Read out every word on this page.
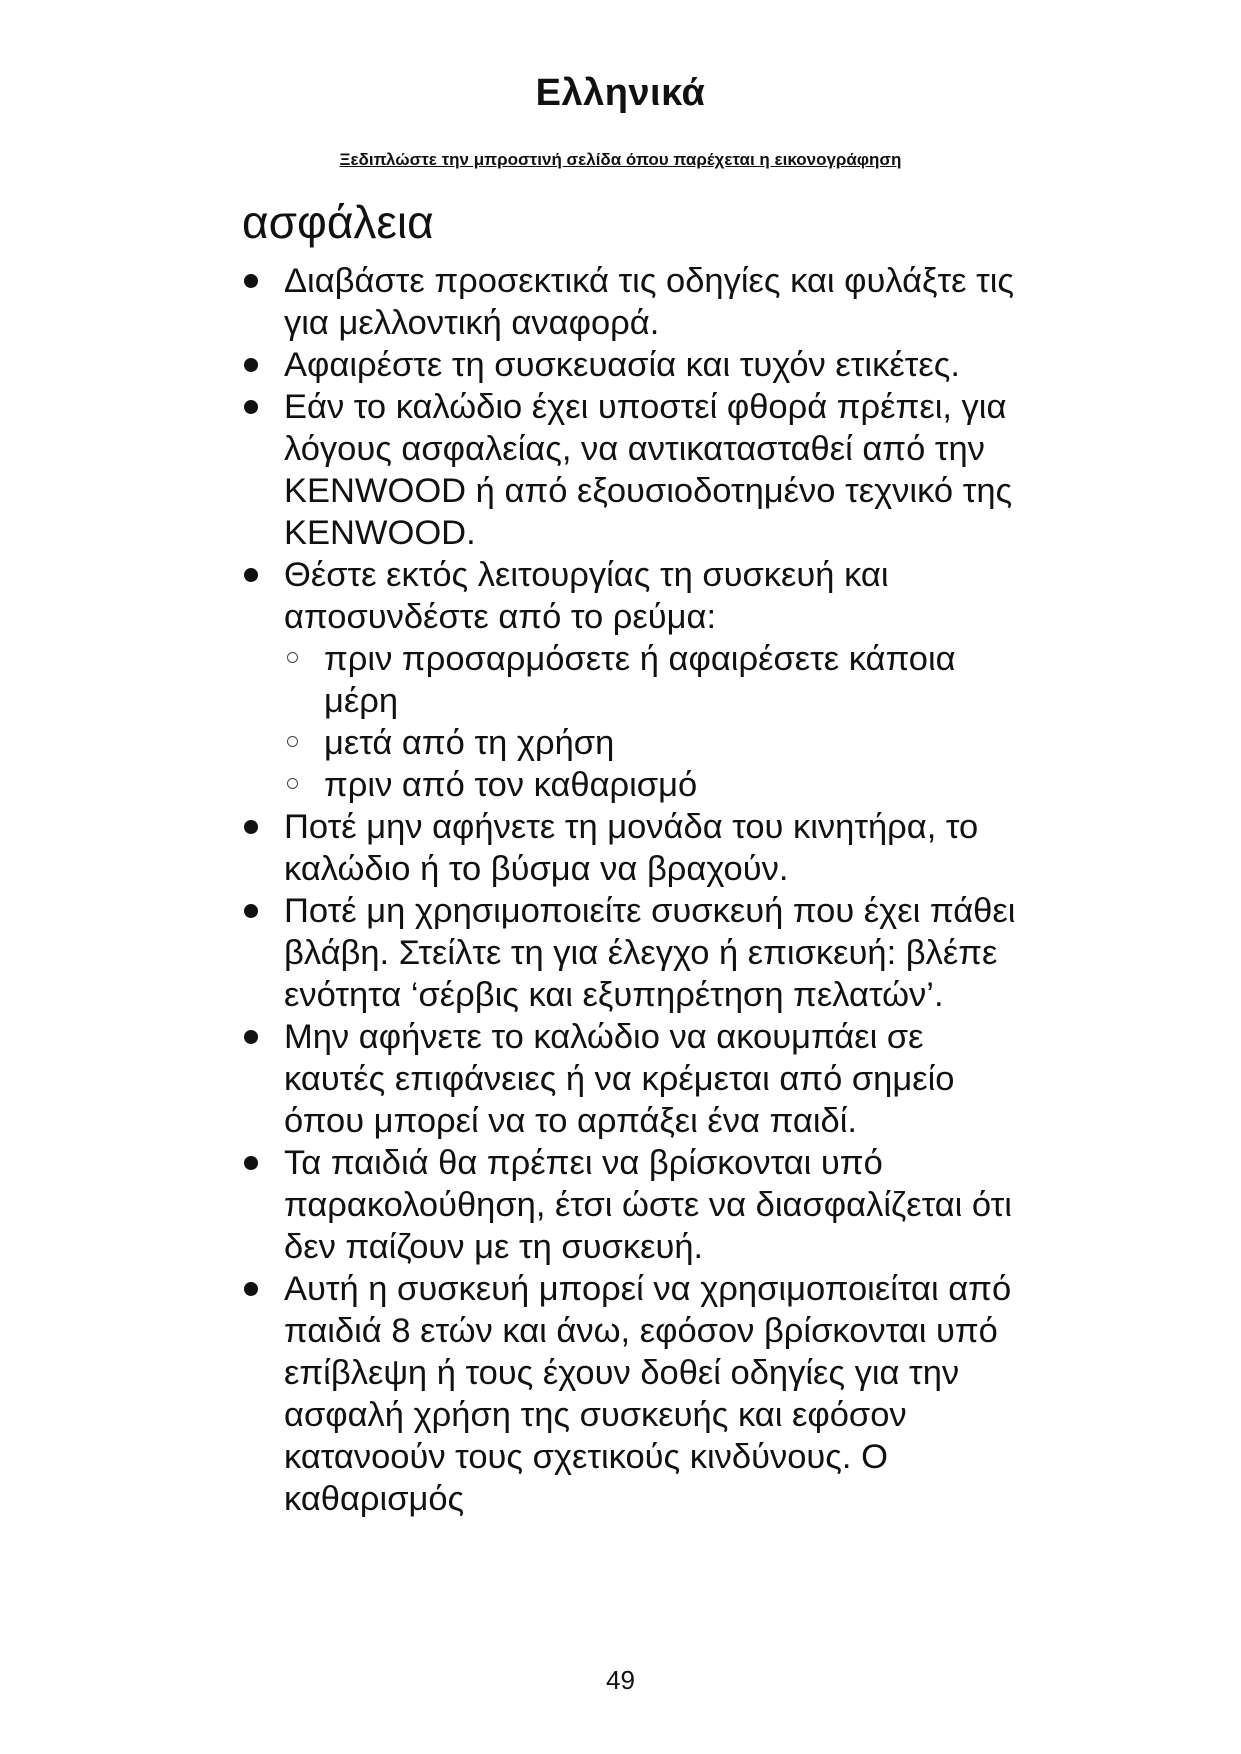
Ελληνικά
Ξεδιπλώστε την μπροστινή σελίδα όπου παρέχεται η εικονογράφηση
ασφάλεια
Διαβάστε προσεκτικά τις οδηγίες και φυλάξτε τις για μελλοντική αναφορά.
Αφαιρέστε τη συσκευασία και τυχόν ετικέτες.
Εάν το καλώδιο έχει υποστεί φθορά πρέπει, για λόγους ασφαλείας, να αντικατασταθεί από την KENWOOD ή από εξουσιοδοτημένο τεχνικό της KENWOOD.
Θέστε εκτός λειτουργίας τη συσκευή και αποσυνδέστε από το ρεύμα:
πριν προσαρμόσετε ή αφαιρέσετε κάποια μέρη
μετά από τη χρήση
πριν από τον καθαρισμό
Ποτέ μην αφήνετε τη μονάδα του κινητήρα, το καλώδιο ή το βύσμα να βραχούν.
Ποτέ μη χρησιμοποιείτε συσκευή που έχει πάθει βλάβη. Στείλτε τη για έλεγχο ή επισκευή: βλέπε ενότητα ‘σέρβις και εξυπηρέτηση πελατών’.
Μην αφήνετε το καλώδιο να ακουμπάει σε καυτές επιφάνειες ή να κρέμεται από σημείο όπου μπορεί να το αρπάξει ένα παιδί.
Τα παιδιά θα πρέπει να βρίσκονται υπό παρακολούθηση, έτσι ώστε να διασφαλίζεται ότι δεν παίζουν με τη συσκευή.
Αυτή η συσκευή μπορεί να χρησιμοποιείται από παιδιά 8 ετών και άνω, εφόσον βρίσκονται υπό επίβλεψη ή τους έχουν δοθεί οδηγίες για την ασφαλή χρήση της συσκευής και εφόσον κατανοούν τους σχετικούς κινδύνους. Ο καθαρισμός
49
